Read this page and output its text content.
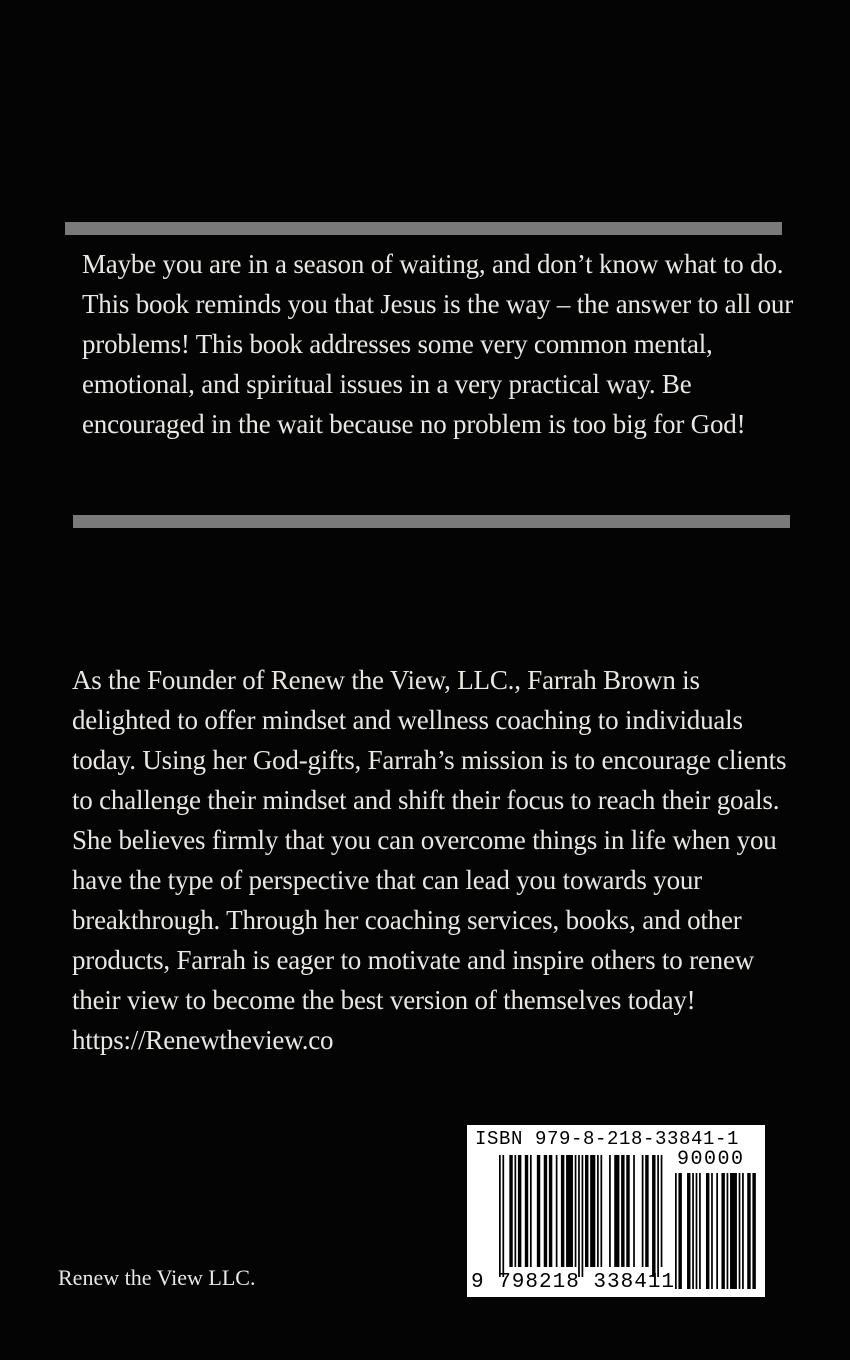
Maybe you are in a season of waiting, and don’t know what to do. This book reminds you that Jesus is the way – the answer to all our problems! This book addresses some very common mental, emotional, and spiritual issues in a very practical way. Be encouraged in the wait because no problem is too big for God!

As the Founder of Renew the View, LLC., Farrah Brown is delighted to offer mindset and wellness coaching to individuals today. Using her God-gifts, Farrah’s mission is to encourage clients to challenge their mindset and shift their focus to reach their goals. She believes firmly that you can overcome things in life when you have the type of perspective that can lead you towards your breakthrough. Through her coaching services, books, and other products, Farrah is eager to motivate and inspire others to renew their view to become the best version of themselves today! https://Renewtheview.co

Renew the View LLC.

ISBN 979-8-218-33841-1
90000
9 798218 338411
